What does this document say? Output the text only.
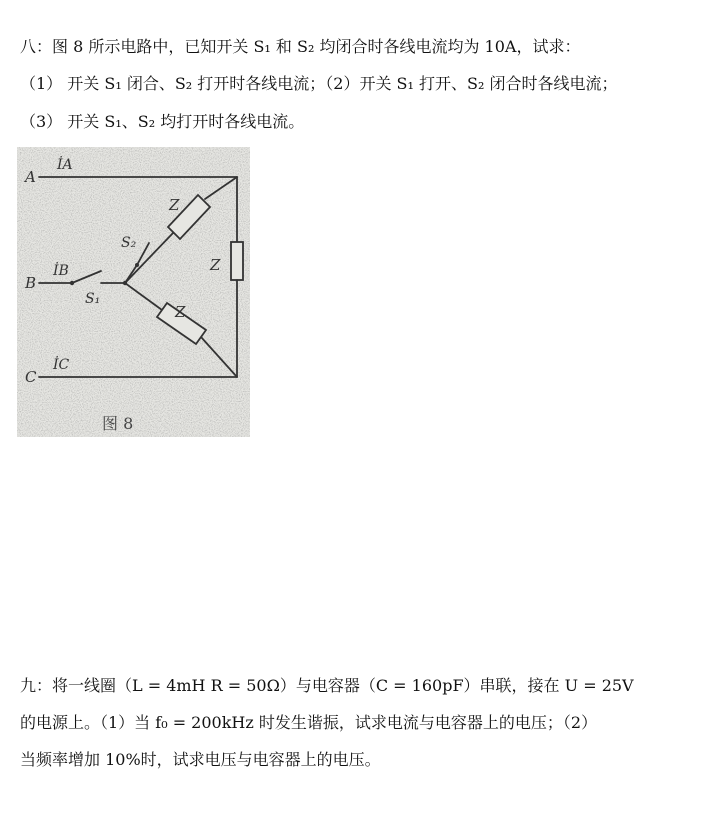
八：图 8 所示电路中，已知开关 S₁ 和 S₂ 均闭合时各线电流均为 10A，试求：
（1） 开关 S₁ 闭合、S₂ 打开时各线电流；（2）开关 S₁ 打开、S₂ 闭合时各线电流；
（3） 开关 S₁、S₂ 均打开时各线电流。
A
B
C
İA
İB
İC
S₁
S₂
Z
Z
Z
图 8
九：将一线圈（L = 4mH R = 50Ω）与电容器（C = 160pF）串联，接在 U = 25V
的电源上。（1）当 f₀ = 200kHz 时发生谐振，试求电流与电容器上的电压；（2）
当频率增加 10%时，试求电压与电容器上的电压。
